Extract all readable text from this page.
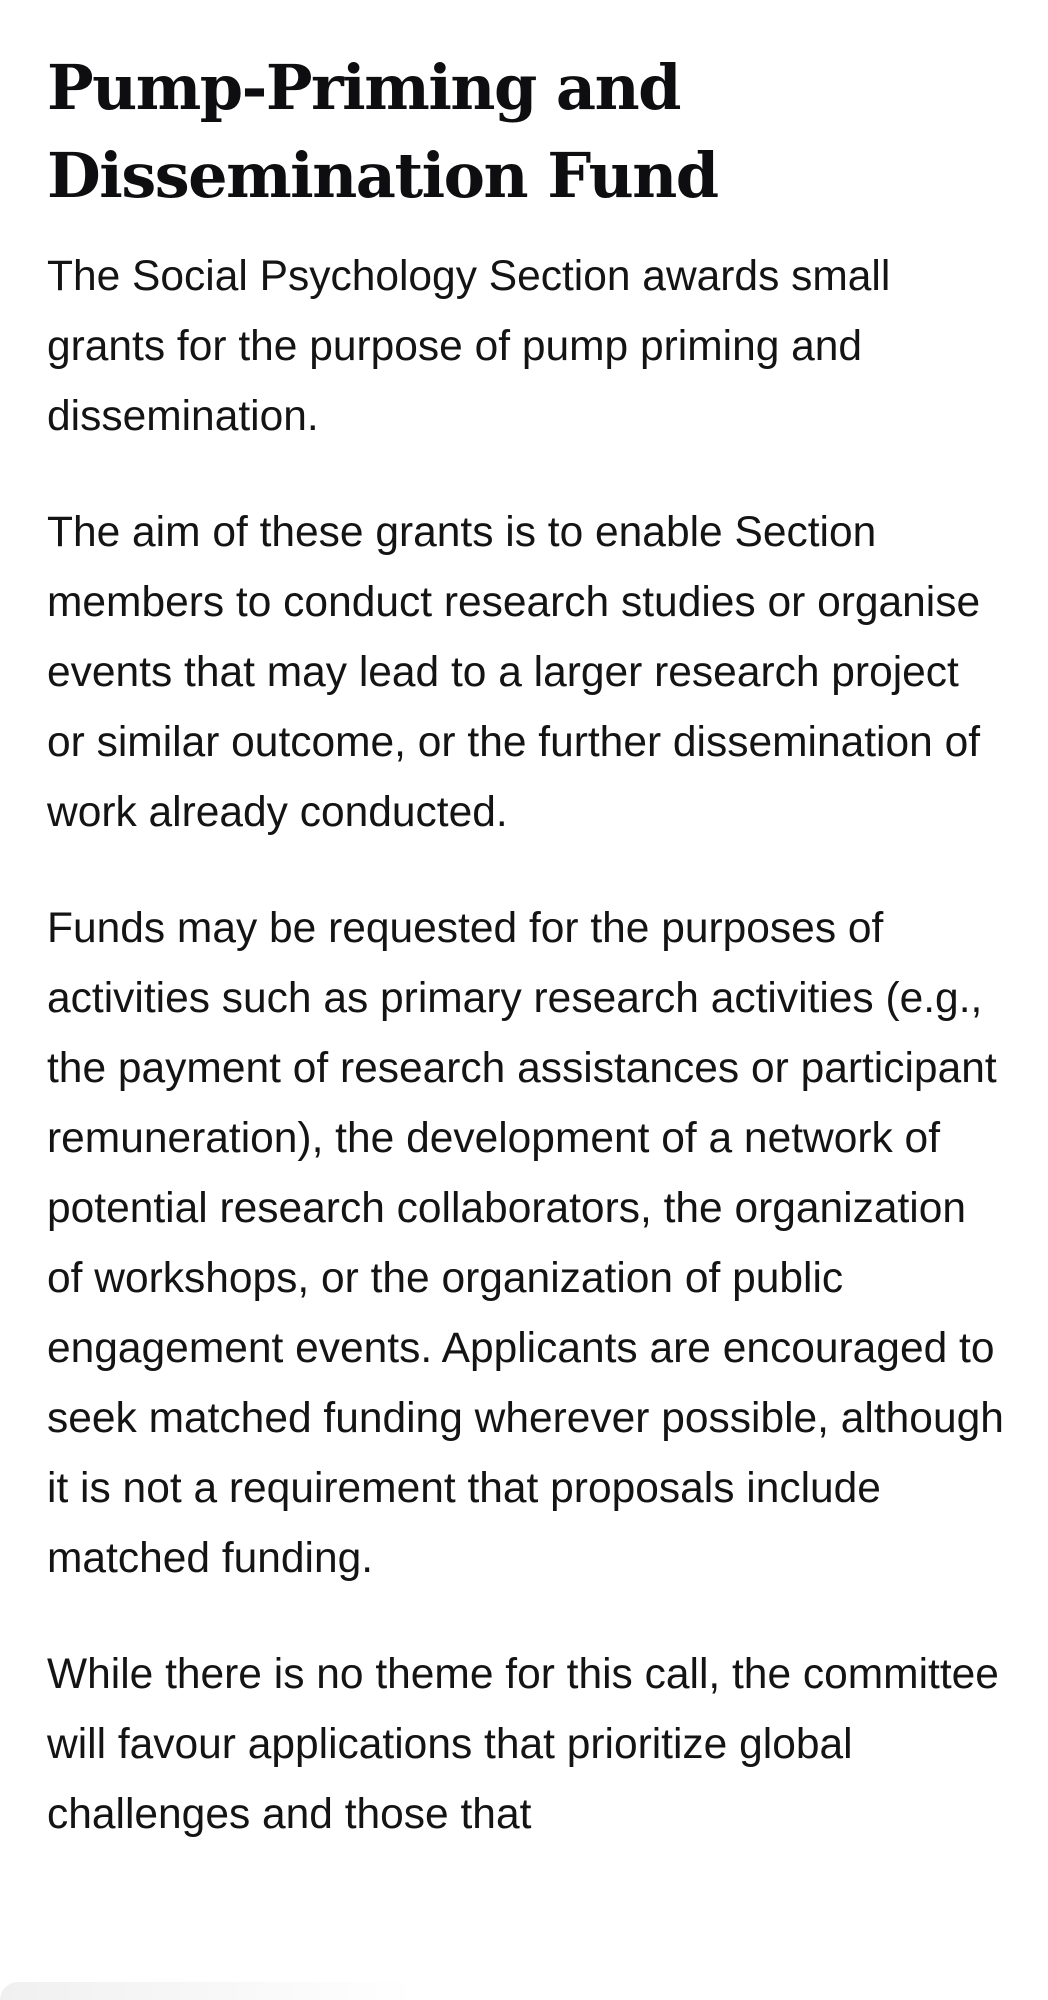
Pump-Priming and Dissemination Fund

The Social Psychology Section awards small grants for the purpose of pump priming and dissemination.

The aim of these grants is to enable Section members to conduct research studies or organise events that may lead to a larger research project or similar outcome, or the further dissemination of work already conducted.

Funds may be requested for the purposes of activities such as primary research activities (e.g., the payment of research assistances or participant remuneration), the development of a network of potential research collaborators, the organization of workshops, or the organization of public engagement events. Applicants are encouraged to seek matched funding wherever possible, although it is not a requirement that proposals include matched funding.

While there is no theme for this call, the committee will favour applications that prioritize global challenges and those that
